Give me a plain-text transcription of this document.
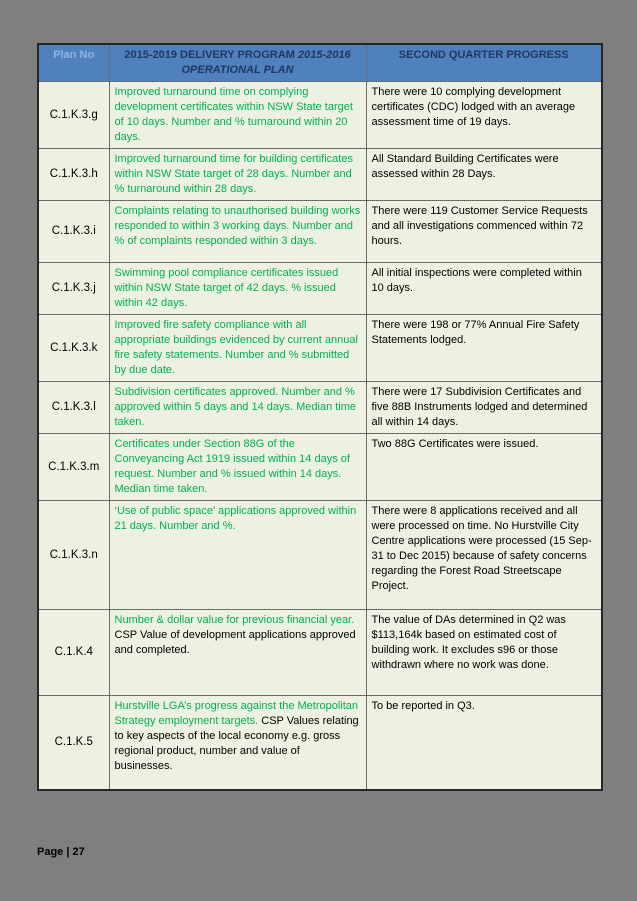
Plan No	2015-2019 DELIVERY PROGRAM 2015-2016 OPERATIONAL PLAN	SECOND QUARTER PROGRESS
C.1.K.3.g	Improved turnaround time on complying development certificates within NSW State target of 10 days. Number and % turnaround within 20 days.	There were 10 complying development certificates (CDC) lodged with an average assessment time of 19 days.
C.1.K.3.h	Improved turnaround time for building certificates within NSW State target of 28 days. Number and % turnaround within 28 days.	All Standard Building Certificates were assessed within 28 Days.
C.1.K.3.i	Complaints relating to unauthorised building works responded to within 3 working days. Number and % of complaints responded within 3 days.	There were 119 Customer Service Requests and all investigations commenced within 72 hours.
C.1.K.3.j	Swimming pool compliance certificates issued within NSW State target of 42 days. % issued within 42 days.	All initial inspections were completed within 10 days.
C.1.K.3.k	Improved fire safety compliance with all appropriate buildings evidenced by current annual fire safety statements. Number and % submitted by due date.	There were 198 or 77% Annual Fire Safety Statements lodged.
C.1.K.3.l	Subdivision certificates approved. Number and % approved within 5 days and 14 days. Median time taken.	There were 17 Subdivision Certificates and five 88B Instruments lodged and determined all within 14 days.
C.1.K.3.m	Certificates under Section 88G of the Conveyancing Act 1919 issued within 14 days of request. Number and % issued within 14 days. Median time taken.	Two 88G Certificates were issued.
C.1.K.3.n	‘Use of public space’ applications approved within 21 days. Number and %.	There were 8 applications received and all were processed on time. No Hurstville City Centre applications were processed (15 Sep-31 to Dec 2015) because of safety concerns regarding the Forest Road Streetscape Project.
C.1.K.4	Number & dollar value for previous financial year. CSP Value of development applications approved and completed.	The value of DAs determined in Q2 was $113,164k based on estimated cost of building work. It excludes s96 or those withdrawn where no work was done.
C.1.K.5	Hurstville LGA’s progress against the Metropolitan Strategy employment targets. CSP Values relating to key aspects of the local economy e.g. gross regional product, number and value of businesses.	To be reported in Q3.
Page | 27
